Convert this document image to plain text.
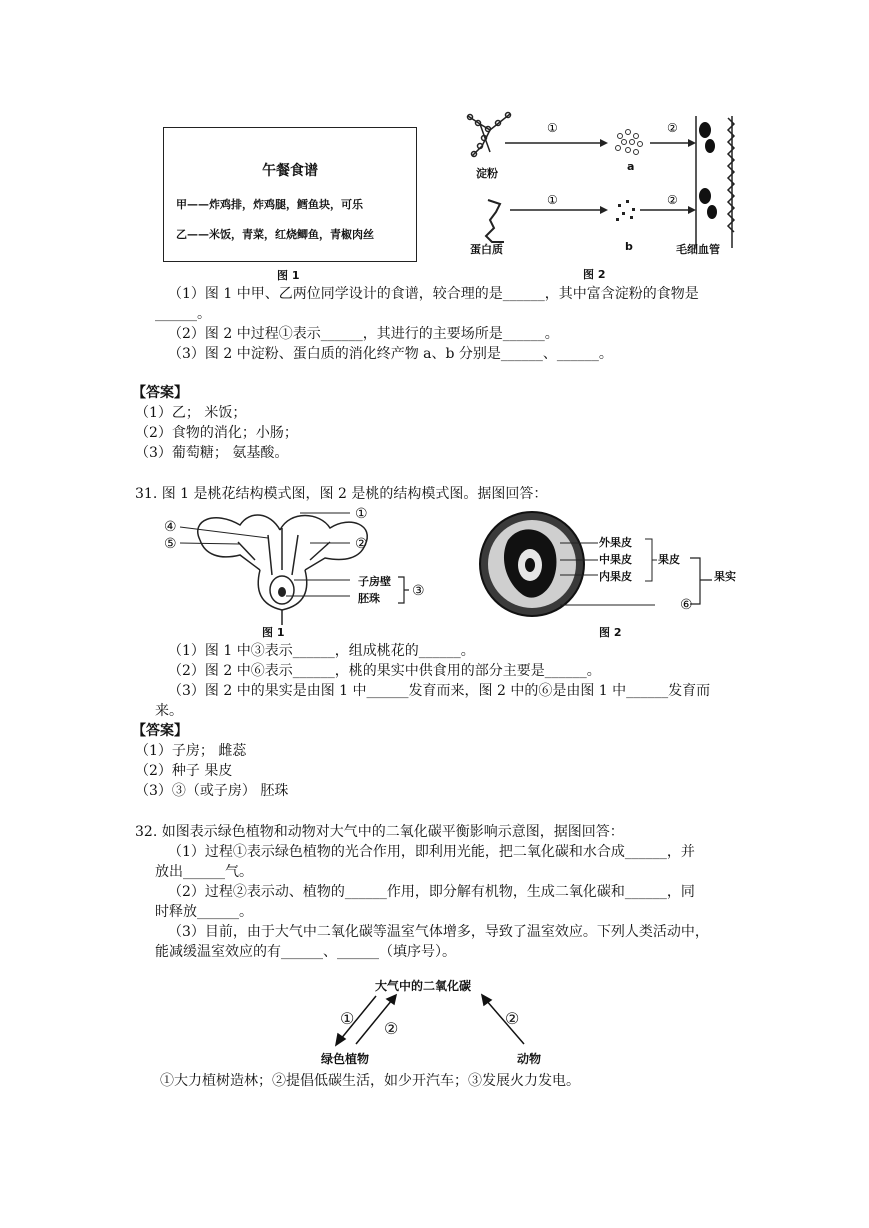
午餐食谱
甲——炸鸡排，炸鸡腿，鳕鱼块，可乐
乙——米饭，青菜，红烧鲫鱼，青椒肉丝
图 1
①
①
②
②
淀粉
a
蛋白质	b	毛细血管
图 2
（1）图 1 中甲、乙两位同学设计的食谱，较合理的是______，其中富含淀粉的食物是
______。
（2）图 2 中过程①表示______，其进行的主要场所是______。
（3）图 2 中淀粉、蛋白质的消化终产物 a、b 分别是______、______。
【答案】
（1）乙； 米饭；
（2）食物的消化；小肠；
（3）葡萄糖； 氨基酸。
31. 图 1 是桃花结构模式图，图 2 是桃的结构模式图。据图回答：
④
⑤
①
②
子房壁
胚珠 ③
图 1
外果皮
中果皮
内果皮
果皮
果实
⑥
图 2
（1）图 1 中③表示______，组成桃花的______。
（2）图 2 中⑥表示______，桃的果实中供食用的部分主要是______。
（3）图 2 中的果实是由图 1 中______发育而来，图 2 中的⑥是由图 1 中______发育而
来。
【答案】
（1）子房； 雌蕊
（2）种子 果皮
（3）③（或子房） 胚珠
32. 如图表示绿色植物和动物对大气中的二氧化碳平衡影响示意图，据图回答：
（1）过程①表示绿色植物的光合作用，即利用光能，把二氧化碳和水合成______，并
放出______气。
（2）过程②表示动、植物的______作用，即分解有机物，生成二氧化碳和______，同
时释放______。
（3）目前，由于大气中二氧化碳等温室气体增多，导致了温室效应。下列人类活动中，
能减缓温室效应的有______、______（填序号）。
大气中的二氧化碳
①
②
②
绿色植物	动物
①大力植树造林；②提倡低碳生活，如少开汽车；③发展火力发电。
